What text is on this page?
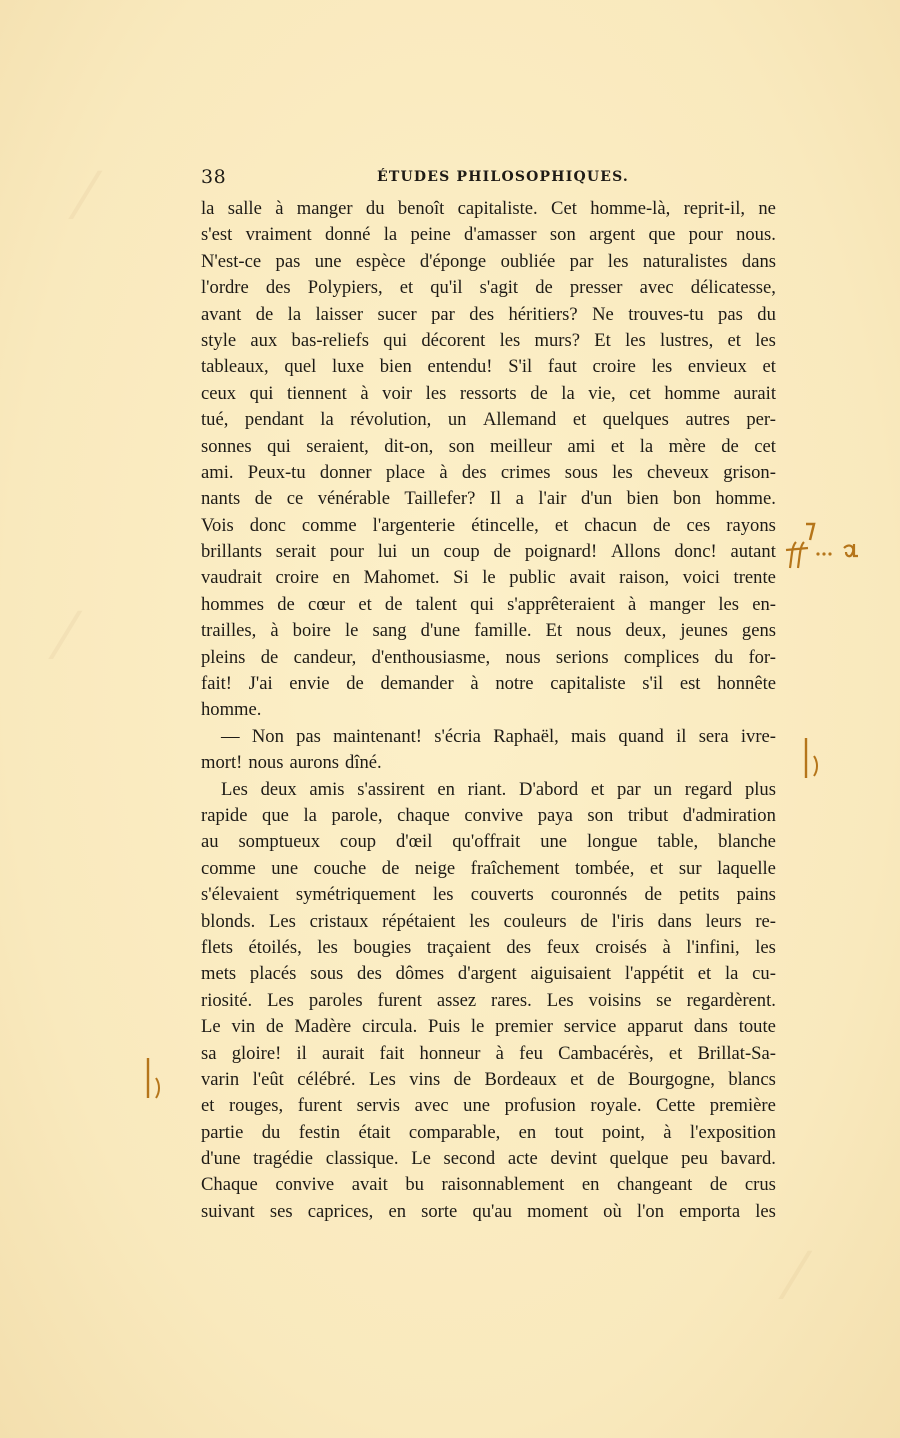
⁄
⁄
⁄
38	ÉTUDES PHILOSOPHIQUES.
la salle à manger du benoît capitaliste. Cet homme-là, reprit-il, ne
s'est vraiment donné la peine d'amasser son argent que pour nous.
N'est-ce pas une espèce d'éponge oubliée par les naturalistes dans
l'ordre des Polypiers, et qu'il s'agit de presser avec délicatesse,
avant de la laisser sucer par des héritiers? Ne trouves-tu pas du
style aux bas-reliefs qui décorent les murs? Et les lustres, et les
tableaux, quel luxe bien entendu! S'il faut croire les envieux et
ceux qui tiennent à voir les ressorts de la vie, cet homme aurait
tué, pendant la révolution, un Allemand et quelques autres per-
sonnes qui seraient, dit-on, son meilleur ami et la mère de cet
ami. Peux-tu donner place à des crimes sous les cheveux grison-
nants de ce vénérable Taillefer? Il a l'air d'un bien bon homme.
Vois donc comme l'argenterie étincelle, et chacun de ces rayons
brillants serait pour lui un coup de poignard! Allons donc! autant
vaudrait croire en Mahomet. Si le public avait raison, voici trente
hommes de cœur et de talent qui s'apprêteraient à manger les en-
trailles, à boire le sang d'une famille. Et nous deux, jeunes gens
pleins de candeur, d'enthousiasme, nous serions complices du for-
fait! J'ai envie de demander à notre capitaliste s'il est honnête
homme.
— Non pas maintenant! s'écria Raphaël, mais quand il sera ivre-
mort! nous aurons dîné.
Les deux amis s'assirent en riant. D'abord et par un regard plus
rapide que la parole, chaque convive paya son tribut d'admiration
au somptueux coup d'œil qu'offrait une longue table, blanche
comme une couche de neige fraîchement tombée, et sur laquelle
s'élevaient symétriquement les couverts couronnés de petits pains
blonds. Les cristaux répétaient les couleurs de l'iris dans leurs re-
flets étoilés, les bougies traçaient des feux croisés à l'infini, les
mets placés sous des dômes d'argent aiguisaient l'appétit et la cu-
riosité. Les paroles furent assez rares. Les voisins se regardèrent.
Le vin de Madère circula. Puis le premier service apparut dans toute
sa gloire! il aurait fait honneur à feu Cambacérès, et Brillat-Sa-
varin l'eût célébré. Les vins de Bordeaux et de Bourgogne, blancs
et rouges, furent servis avec une profusion royale. Cette première
partie du festin était comparable, en tout point, à l'exposition
d'une tragédie classique. Le second acte devint quelque peu bavard.
Chaque convive avait bu raisonnablement en changeant de crus
suivant ses caprices, en sorte qu'au moment où l'on emporta les
